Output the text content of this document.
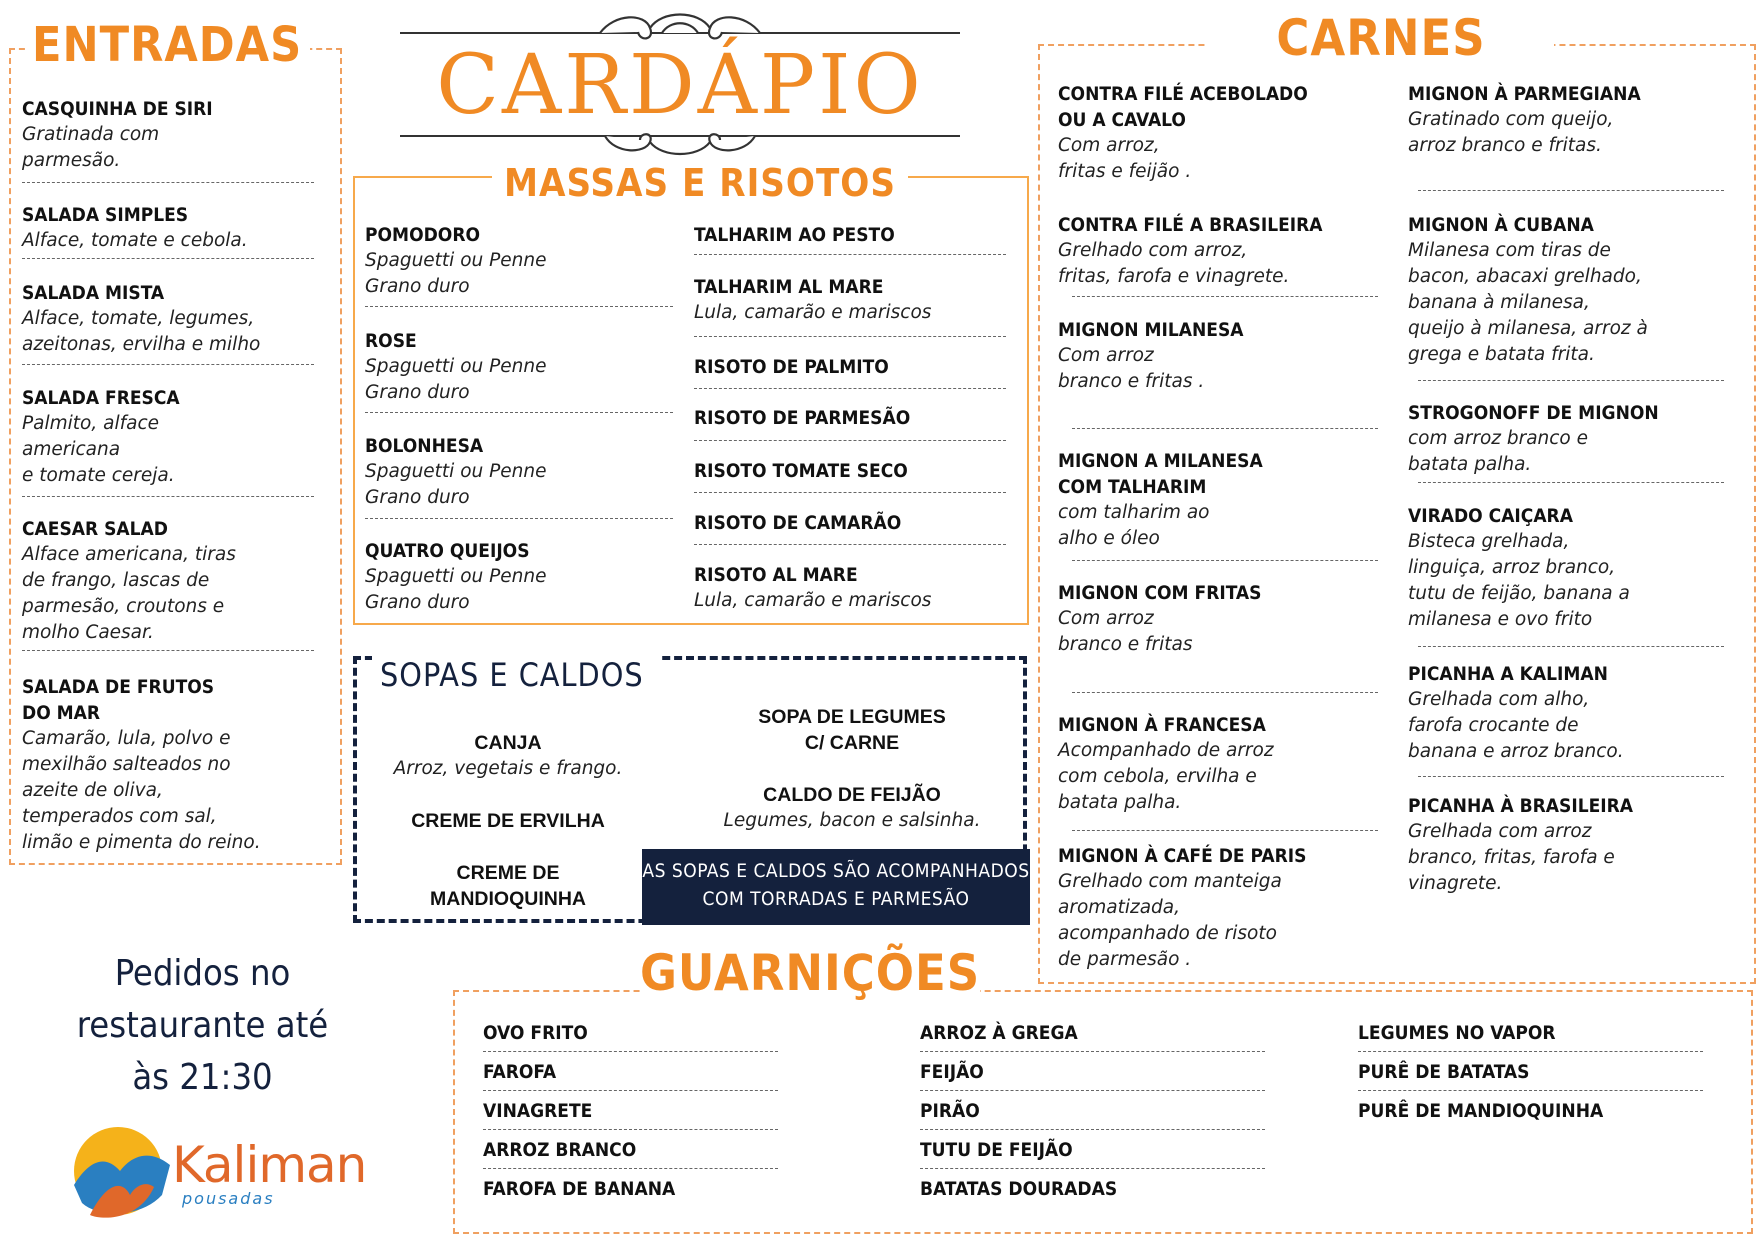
CARDÁPIO
ENTRADAS
MASSAS E RISOTOS
SOPAS E CALDOS
AS SOPAS E CALDOS SÃO ACOMPANHADOS
COM TORRADAS E PARMESÃO
CARNES
GUARNIÇÕES
Pedidos no
restaurante até
às 21:30
Kaliman
pousadas
CASQUINHA DE SIRI
Gratinada com
parmesão.
SALADA SIMPLES
Alface, tomate e cebola.
SALADA MISTA
Alface, tomate, legumes,
azeitonas, ervilha e milho
SALADA FRESCA
Palmito, alface
americana
e tomate cereja.
CAESAR SALAD
Alface americana, tiras
de frango, lascas de
parmesão, croutons e
molho Caesar.
SALADA DE FRUTOS
DO MAR
Camarão, lula, polvo e
mexilhão salteados no
azeite de oliva,
temperados com sal,
limão e pimenta do reino.
POMODORO
Spaguetti ou Penne
Grano duro
ROSE
Spaguetti ou Penne
Grano duro
BOLONHESA
Spaguetti ou Penne
Grano duro
QUATRO QUEIJOS
Spaguetti ou Penne
Grano duro
TALHARIM AO PESTO
TALHARIM AL MARE
Lula, camarão e mariscos
RISOTO DE PALMITO
RISOTO DE PARMESÃO
RISOTO TOMATE SECO
RISOTO DE CAMARÃO
RISOTO AL MARE
Lula, camarão e mariscos
CANJA
Arroz, vegetais e frango.
CREME DE ERVILHA
CREME DE
MANDIOQUINHA
SOPA DE LEGUMES
C/ CARNE
CALDO DE FEIJÃO
Legumes, bacon e salsinha.
CONTRA FILÉ ACEBOLADO
OU A CAVALO
Com arroz,
fritas e feijão .
CONTRA FILÉ A BRASILEIRA
Grelhado com arroz,
fritas, farofa e vinagrete.
MIGNON MILANESA
Com arroz
branco e fritas .
MIGNON A MILANESA
COM TALHARIM
com talharim ao
alho e óleo
MIGNON COM FRITAS
Com arroz
branco e fritas
MIGNON À FRANCESA
Acompanhado de arroz
com cebola, ervilha e
batata palha.
MIGNON À CAFÉ DE PARIS
Grelhado com manteiga
aromatizada,
acompanhado de risoto
de parmesão .
MIGNON À PARMEGIANA
Gratinado com queijo,
arroz branco e fritas.
MIGNON À CUBANA
Milanesa com tiras de
bacon, abacaxi grelhado,
banana à milanesa,
queijo à milanesa, arroz à
grega e batata frita.
STROGONOFF DE MIGNON
com arroz branco e
batata palha.
VIRADO CAIÇARA
Bisteca grelhada,
linguiça, arroz branco,
tutu de feijão, banana a
milanesa e ovo frito
PICANHA A KALIMAN
Grelhada com alho,
farofa crocante de
banana e arroz branco.
PICANHA À BRASILEIRA
Grelhada com arroz
branco, fritas, farofa e
vinagrete.
OVO FRITO
FAROFA
VINAGRETE
ARROZ BRANCO
FAROFA DE BANANA
ARROZ À GREGA
FEIJÃO
PIRÃO
TUTU DE FEIJÃO
BATATAS DOURADAS
LEGUMES NO VAPOR
PURÊ DE BATATAS
PURÊ DE MANDIOQUINHA
